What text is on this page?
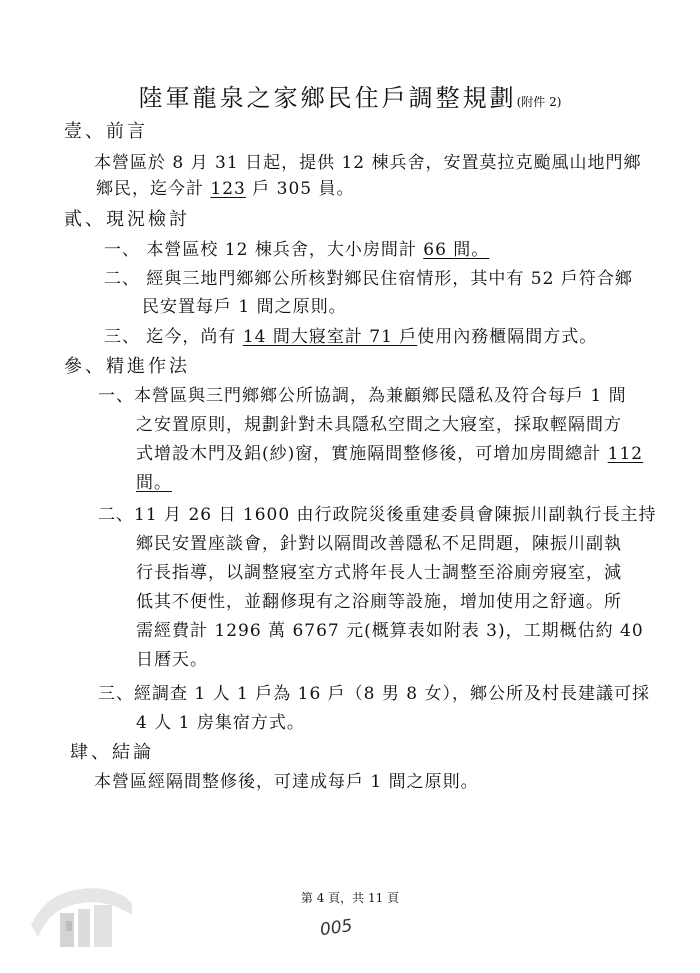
陸軍龍泉之家鄉民住戶調整規劃(附件 2)
壹、前言
本營區於 8 月 31 日起，提供 12 棟兵舍，安置莫拉克颱風山地門鄉
鄉民，迄今計 123 戶 305 員。
貳、現況檢討
一、 本營區校 12 棟兵舍，大小房間計 66 間。
二、 經與三地門鄉鄉公所核對鄉民住宿情形，其中有 52 戶符合鄉
民安置每戶 1 間之原則。
三、 迄今，尚有 14 間大寢室計 71 戶使用內務櫃隔間方式。
參、精進作法
一、本營區與三門鄉鄉公所協調，為兼顧鄉民隱私及符合每戶 1 間
之安置原則，規劃針對未具隱私空間之大寢室，採取輕隔間方
式增設木門及鋁(紗)窗，實施隔間整修後，可增加房間總計 112
間。
二、11 月 26 日 1600 由行政院災後重建委員會陳振川副執行長主持
鄉民安置座談會，針對以隔間改善隱私不足問題，陳振川副執
行長指導，以調整寢室方式將年長人士調整至浴廁旁寢室，減
低其不便性，並翻修現有之浴廁等設施，增加使用之舒適。所
需經費計 1296 萬 6767 元(概算表如附表 3)，工期概估約 40
日曆天。
三、經調查 1 人 1 戶為 16 戶（8 男 8 女），鄉公所及村長建議可採
4 人 1 房集宿方式。
肆、結論
本營區經隔間整修後，可達成每戶 1 間之原則。
第 4 頁，共 11 頁
005
